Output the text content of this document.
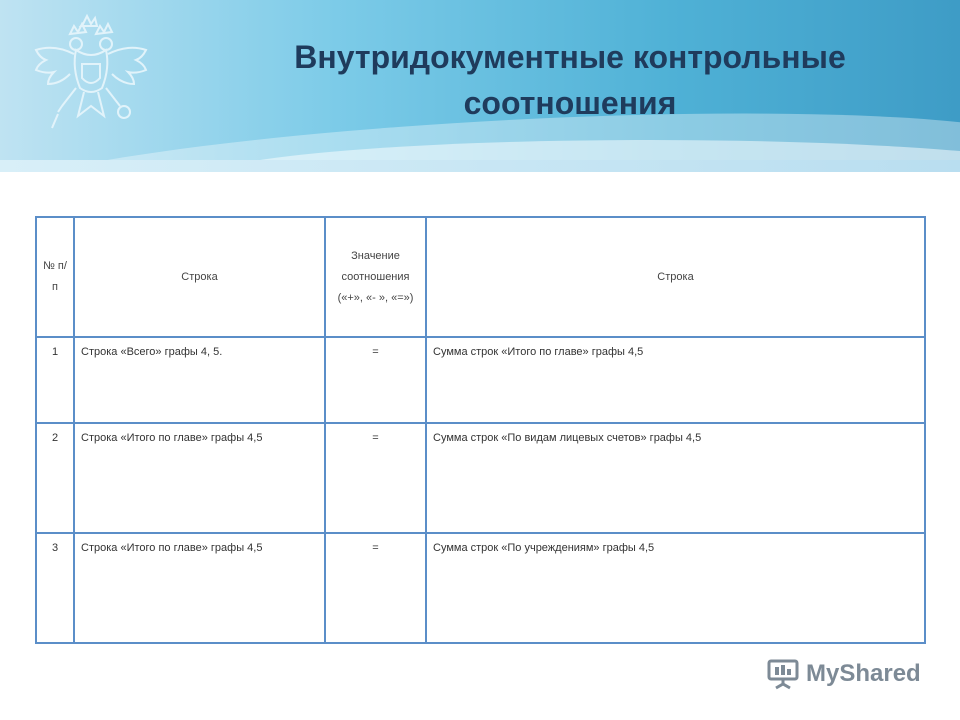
Внутридокументные контрольные
соотношения
№ п/п	Строка	Значение соотношения («+», «- », «=»)	Строка
1	Строка «Всего» графы 4, 5.	=	Сумма строк «Итого по главе» графы 4,5
2	Строка «Итого по главе» графы 4,5	=	Сумма строк «По видам лицевых счетов» графы 4,5
3	Строка «Итого по главе» графы 4,5	=	Сумма строк «По учреждениям» графы 4,5
MyShared
